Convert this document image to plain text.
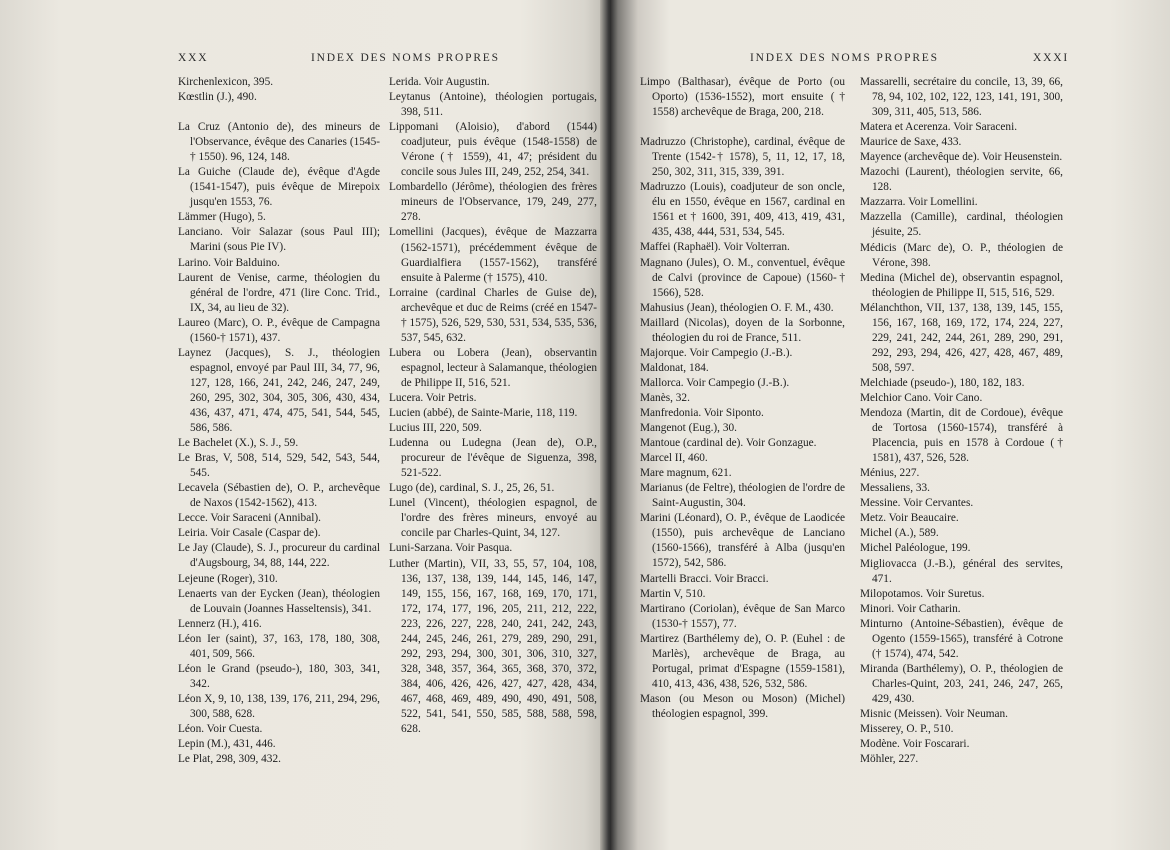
XXX	INDEX DES NOMS PROPRES

Kirchenlexicon, 395.

Kœstlin (J.), 490.

La Cruz (Antonio de), des mineurs de l'Observance, évêque des Canaries (1545-† 1550). 96, 124, 148.

La Guiche (Claude de), évêque d'Agde (1541-1547), puis évêque de Mirepoix jusqu'en 1553, 76.

Lämmer (Hugo), 5.

Lanciano. Voir Salazar (sous Paul III); Marini (sous Pie IV).

Larino. Voir Balduino.

Laurent de Venise, carme, théologien du général de l'ordre, 471 (lire Conc. Trid., IX, 34, au lieu de 32).

Laureo (Marc), O. P., évêque de Campagna (1560-† 1571), 437.

Laynez (Jacques), S. J., théologien espagnol, envoyé par Paul III, 34, 77, 96, 127, 128, 166, 241, 242, 246, 247, 249, 260, 295, 302, 304, 305, 306, 430, 434, 436, 437, 471, 474, 475, 541, 544, 545, 586, 586.

Le Bachelet (X.), S. J., 59.

Le Bras, V, 508, 514, 529, 542, 543, 544, 545.

Lecavela (Sébastien de), O. P., archevêque de Naxos (1542-1562), 413.

Lecce. Voir Saraceni (Annibal).

Leiria. Voir Casale (Caspar de).

Le Jay (Claude), S. J., procureur du cardinal d'Augsbourg, 34, 88, 144, 222.

Lejeune (Roger), 310.

Lenaerts van der Eycken (Jean), théologien de Louvain (Joannes Hasseltensis), 341.

Lennerz (H.), 416.

Léon Ier (saint), 37, 163, 178, 180, 308, 401, 509, 566.

Léon le Grand (pseudo-), 180, 303, 341, 342.

Léon X, 9, 10, 138, 139, 176, 211, 294, 296, 300, 588, 628.

Léon. Voir Cuesta.

Lepin (M.), 431, 446.

Le Plat, 298, 309, 432.

Lerida. Voir Augustin.

Leytanus (Antoine), théologien portugais, 398, 511.

Lippomani (Aloisio), d'abord (1544) coadjuteur, puis évêque (1548-1558) de Vérone († 1559), 41, 47; président du concile sous Jules III, 249, 252, 254, 341.

Lombardello (Jérôme), théologien des frères mineurs de l'Observance, 179, 249, 277, 278.

Lomellini (Jacques), évêque de Mazzarra (1562-1571), précédemment évêque de Guardialfiera (1557-1562), transféré ensuite à Palerme († 1575), 410.

Lorraine (cardinal Charles de Guise de), archevêque et duc de Reims (créé en 1547-† 1575), 526, 529, 530, 531, 534, 535, 536, 537, 545, 632.

Lubera ou Lobera (Jean), observantin espagnol, lecteur à Salamanque, théologien de Philippe II, 516, 521.

Lucera. Voir Petris.

Lucien (abbé), de Sainte-Marie, 118, 119.

Lucius III, 220, 509.

Ludenna ou Ludegna (Jean de), O.P., procureur de l'évêque de Siguenza, 398, 521-522.

Lugo (de), cardinal, S. J., 25, 26, 51.

Lunel (Vincent), théologien espagnol, de l'ordre des frères mineurs, envoyé au concile par Charles-Quint, 34, 127.

Luni-Sarzana. Voir Pasqua.

Luther (Martin), VII, 33, 55, 57, 104, 108, 136, 137, 138, 139, 144, 145, 146, 147, 149, 155, 156, 167, 168, 169, 170, 171, 172, 174, 177, 196, 205, 211, 212, 222, 223, 226, 227, 228, 240, 241, 242, 243, 244, 245, 246, 261, 279, 289, 290, 291, 292, 293, 294, 300, 301, 306, 310, 327, 328, 348, 357, 364, 365, 368, 370, 372, 384, 406, 426, 426, 427, 427, 428, 434, 467, 468, 469, 489, 490, 490, 491, 508, 522, 541, 541, 550, 585, 588, 588, 598, 628.

INDEX DES NOMS PROPRES	XXXI

Limpo (Balthasar), évêque de Porto (ou Oporto) (1536-1552), mort ensuite († 1558) archevêque de Braga, 200, 218.

Madruzzo (Christophe), cardinal, évêque de Trente (1542-† 1578), 5, 11, 12, 17, 18, 250, 302, 311, 315, 339, 391.

Madruzzo (Louis), coadjuteur de son oncle, élu en 1550, évêque en 1567, cardinal en 1561 et † 1600, 391, 409, 413, 419, 431, 435, 438, 444, 531, 534, 545.

Maffei (Raphaël). Voir Volterran.

Magnano (Jules), O. M., conventuel, évêque de Calvi (province de Capoue) (1560-† 1566), 528.

Mahusius (Jean), théologien O. F. M., 430.

Maillard (Nicolas), doyen de la Sorbonne, théologien du roi de France, 511.

Majorque. Voir Campegio (J.-B.).

Maldonat, 184.

Mallorca. Voir Campegio (J.-B.).

Manès, 32.

Manfredonia. Voir Siponto.

Mangenot (Eug.), 30.

Mantoue (cardinal de). Voir Gonzague.

Marcel II, 460.

Mare magnum, 621.

Marianus (de Feltre), théologien de l'ordre de Saint-Augustin, 304.

Marini (Léonard), O. P., évêque de Laodicée (1550), puis archevêque de Lanciano (1560-1566), transféré à Alba (jusqu'en 1572), 542, 586.

Martelli Bracci. Voir Bracci.

Martin V, 510.

Martirano (Coriolan), évêque de San Marco (1530-† 1557), 77.

Martirez (Barthélemy de), O. P. (Euhel : de Marlès), archevêque de Braga, au Portugal, primat d'Espagne (1559-1581), 410, 413, 436, 438, 526, 532, 586.

Mason (ou Meson ou Moson) (Michel) théologien espagnol, 399.

Massarelli, secrétaire du concile, 13, 39, 66, 78, 94, 102, 102, 122, 123, 141, 191, 300, 309, 311, 405, 513, 586.

Matera et Acerenza. Voir Saraceni.

Maurice de Saxe, 433.

Mayence (archevêque de). Voir Heusenstein.

Mazochi (Laurent), théologien servite, 66, 128.

Mazzarra. Voir Lomellini.

Mazzella (Camille), cardinal, théologien jésuite, 25.

Médicis (Marc de), O. P., théologien de Vérone, 398.

Medina (Michel de), observantin espagnol, théologien de Philippe II, 515, 516, 529.

Mélanchthon, VII, 137, 138, 139, 145, 155, 156, 167, 168, 169, 172, 174, 224, 227, 229, 241, 242, 244, 261, 289, 290, 291, 292, 293, 294, 426, 427, 428, 467, 489, 508, 597.

Melchiade (pseudo-), 180, 182, 183.

Melchior Cano. Voir Cano.

Mendoza (Martin, dit de Cordoue), évêque de Tortosa (1560-1574), transféré à Placencia, puis en 1578 à Cordoue († 1581), 437, 526, 528.

Ménius, 227.

Messaliens, 33.

Messine. Voir Cervantes.

Metz. Voir Beaucaire.

Michel (A.), 589.

Michel Paléologue, 199.

Migliovacca (J.-B.), général des servites, 471.

Milopotamos. Voir Suretus.

Minori. Voir Catharin.

Minturno (Antoine-Sébastien), évêque de Ogento (1559-1565), transféré à Cotrone († 1574), 474, 542.

Miranda (Barthélemy), O. P., théologien de Charles-Quint, 203, 241, 246, 247, 265, 429, 430.

Misnic (Meissen). Voir Neuman.

Misserey, O. P., 510.

Modène. Voir Foscarari.

Möhler, 227.
